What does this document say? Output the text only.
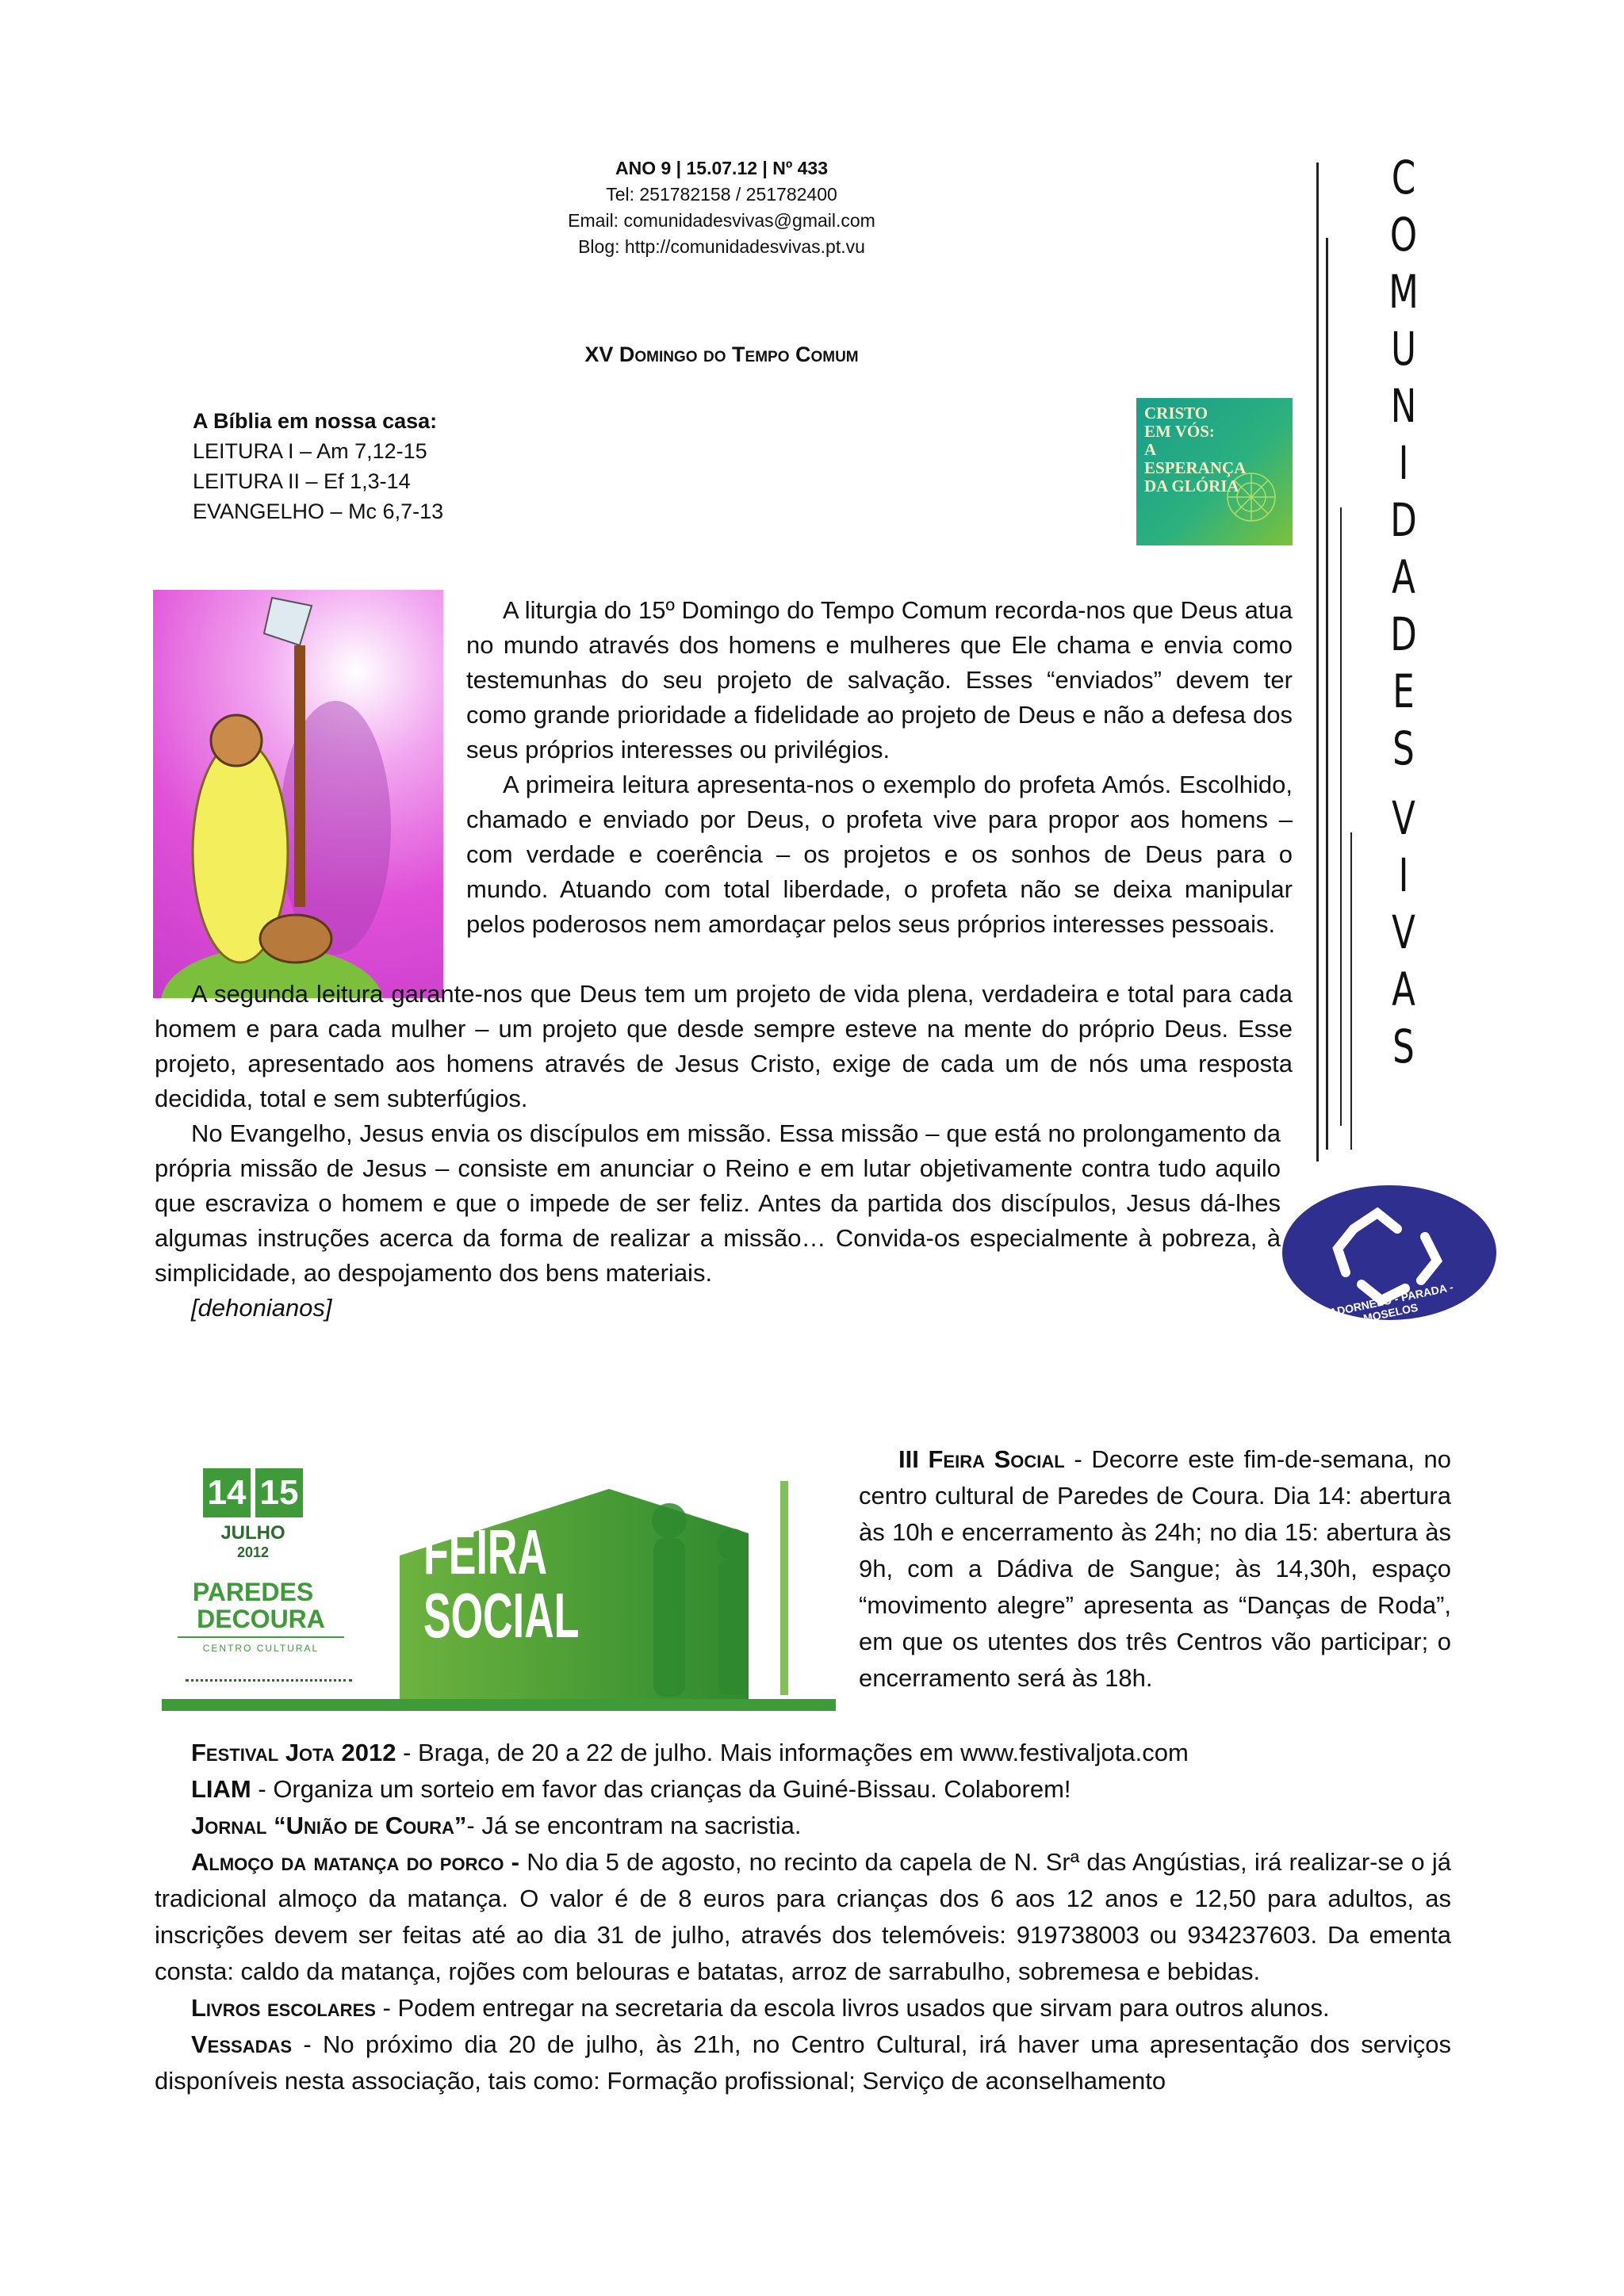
ANO 9 | 15.07.12 | Nº 433
Tel: 251782158 / 251782400
Email: comunidadesvivas@gmail.com
Blog: http://comunidadesvivas.pt.vu
XV Domingo do Tempo Comum
A Bíblia em nossa casa:
LEITURA I – Am 7,12-15
LEITURA II – Ef 1,3-14
EVANGELHO – Mc 6,7-13
CRISTO
EM VÓS:
A
ESPERANÇA
DA GLÓRIA
C
O
M
U
N
I
D
A
D
E
S
V
I
V
A
S

A liturgia do 15º Domingo do Tempo Comum recorda-nos que Deus atua no mundo através dos homens e mulheres que Ele chama e envia como testemunhas do seu projeto de salvação. Esses “enviados” devem ter como grande prioridade a fidelidade ao projeto de Deus e não a defesa dos seus próprios interesses ou privilégios.

A primeira leitura apresenta-nos o exemplo do profeta Amós. Escolhido, chamado e enviado por Deus, o profeta vive para propor aos homens – com verdade e coerência – os projetos e os sonhos de Deus para o mundo. Atuando com total liberdade, o profeta não se deixa manipular pelos poderosos nem amordaçar pelos seus próprios interesses pessoais.

A segunda leitura garante-nos que Deus tem um projeto de vida plena, verdadeira e total para cada homem e para cada mulher – um projeto que desde sempre esteve na mente do próprio Deus. Esse projeto, apresentado aos homens através de Jesus Cristo, exige de cada um de nós uma resposta decidida, total e sem subterfúgios.

No Evangelho, Jesus envia os discípulos em missão. Essa missão – que está no prolongamento da própria missão de Jesus – consiste em anunciar o Reino e em lutar objetivamente contra tudo aquilo que escraviza o homem e que o impede de ser feliz. Antes da partida dos discípulos, Jesus dá-lhes algumas instruções acerca da forma de realizar a missão… Convida-os especialmente à pobreza, à simplicidade, ao despojamento dos bens materiais.

[dehonianos]	PADORNELO - PARADA - MOSELOS
14 15
JULHO
2012
PAREDES
DECOURA
CENTRO CULTURAL
FEIRA
SOCIAL

III Feira Social - Decorre este fim-de-semana, no centro cultural de Paredes de Coura. Dia 14: abertura às 10h e encerramento às 24h; no dia 15: abertura às 9h, com a Dádiva de Sangue; às 14,30h, espaço “movimento alegre” apresenta as “Danças de Roda”, em que os utentes dos três Centros vão participar; o encerramento será às 18h.

Festival Jota 2012 - Braga, de 20 a 22 de julho. Mais informações em www.festivaljota.com

LIAM - Organiza um sorteio em favor das crianças da Guiné-Bissau. Colaborem!

Jornal “União de Coura”- Já se encontram na sacristia.

Almoço da matança do porco - No dia 5 de agosto, no recinto da capela de N. Srª das Angústias, irá realizar-se o já tradicional almoço da matança. O valor é de 8 euros para crianças dos 6 aos 12 anos e 12,50 para adultos, as inscrições devem ser feitas até ao dia 31 de julho, através dos telemóveis: 919738003 ou 934237603. Da ementa consta: caldo da matança, rojões com belouras e batatas, arroz de sarrabulho, sobremesa e bebidas.

Livros escolares - Podem entregar na secretaria da escola livros usados que sirvam para outros alunos.

Vessadas - No próximo dia 20 de julho, às 21h, no Centro Cultural, irá haver uma apresentação dos serviços disponíveis nesta associação, tais como: Formação profissional; Serviço de aconselhamento
